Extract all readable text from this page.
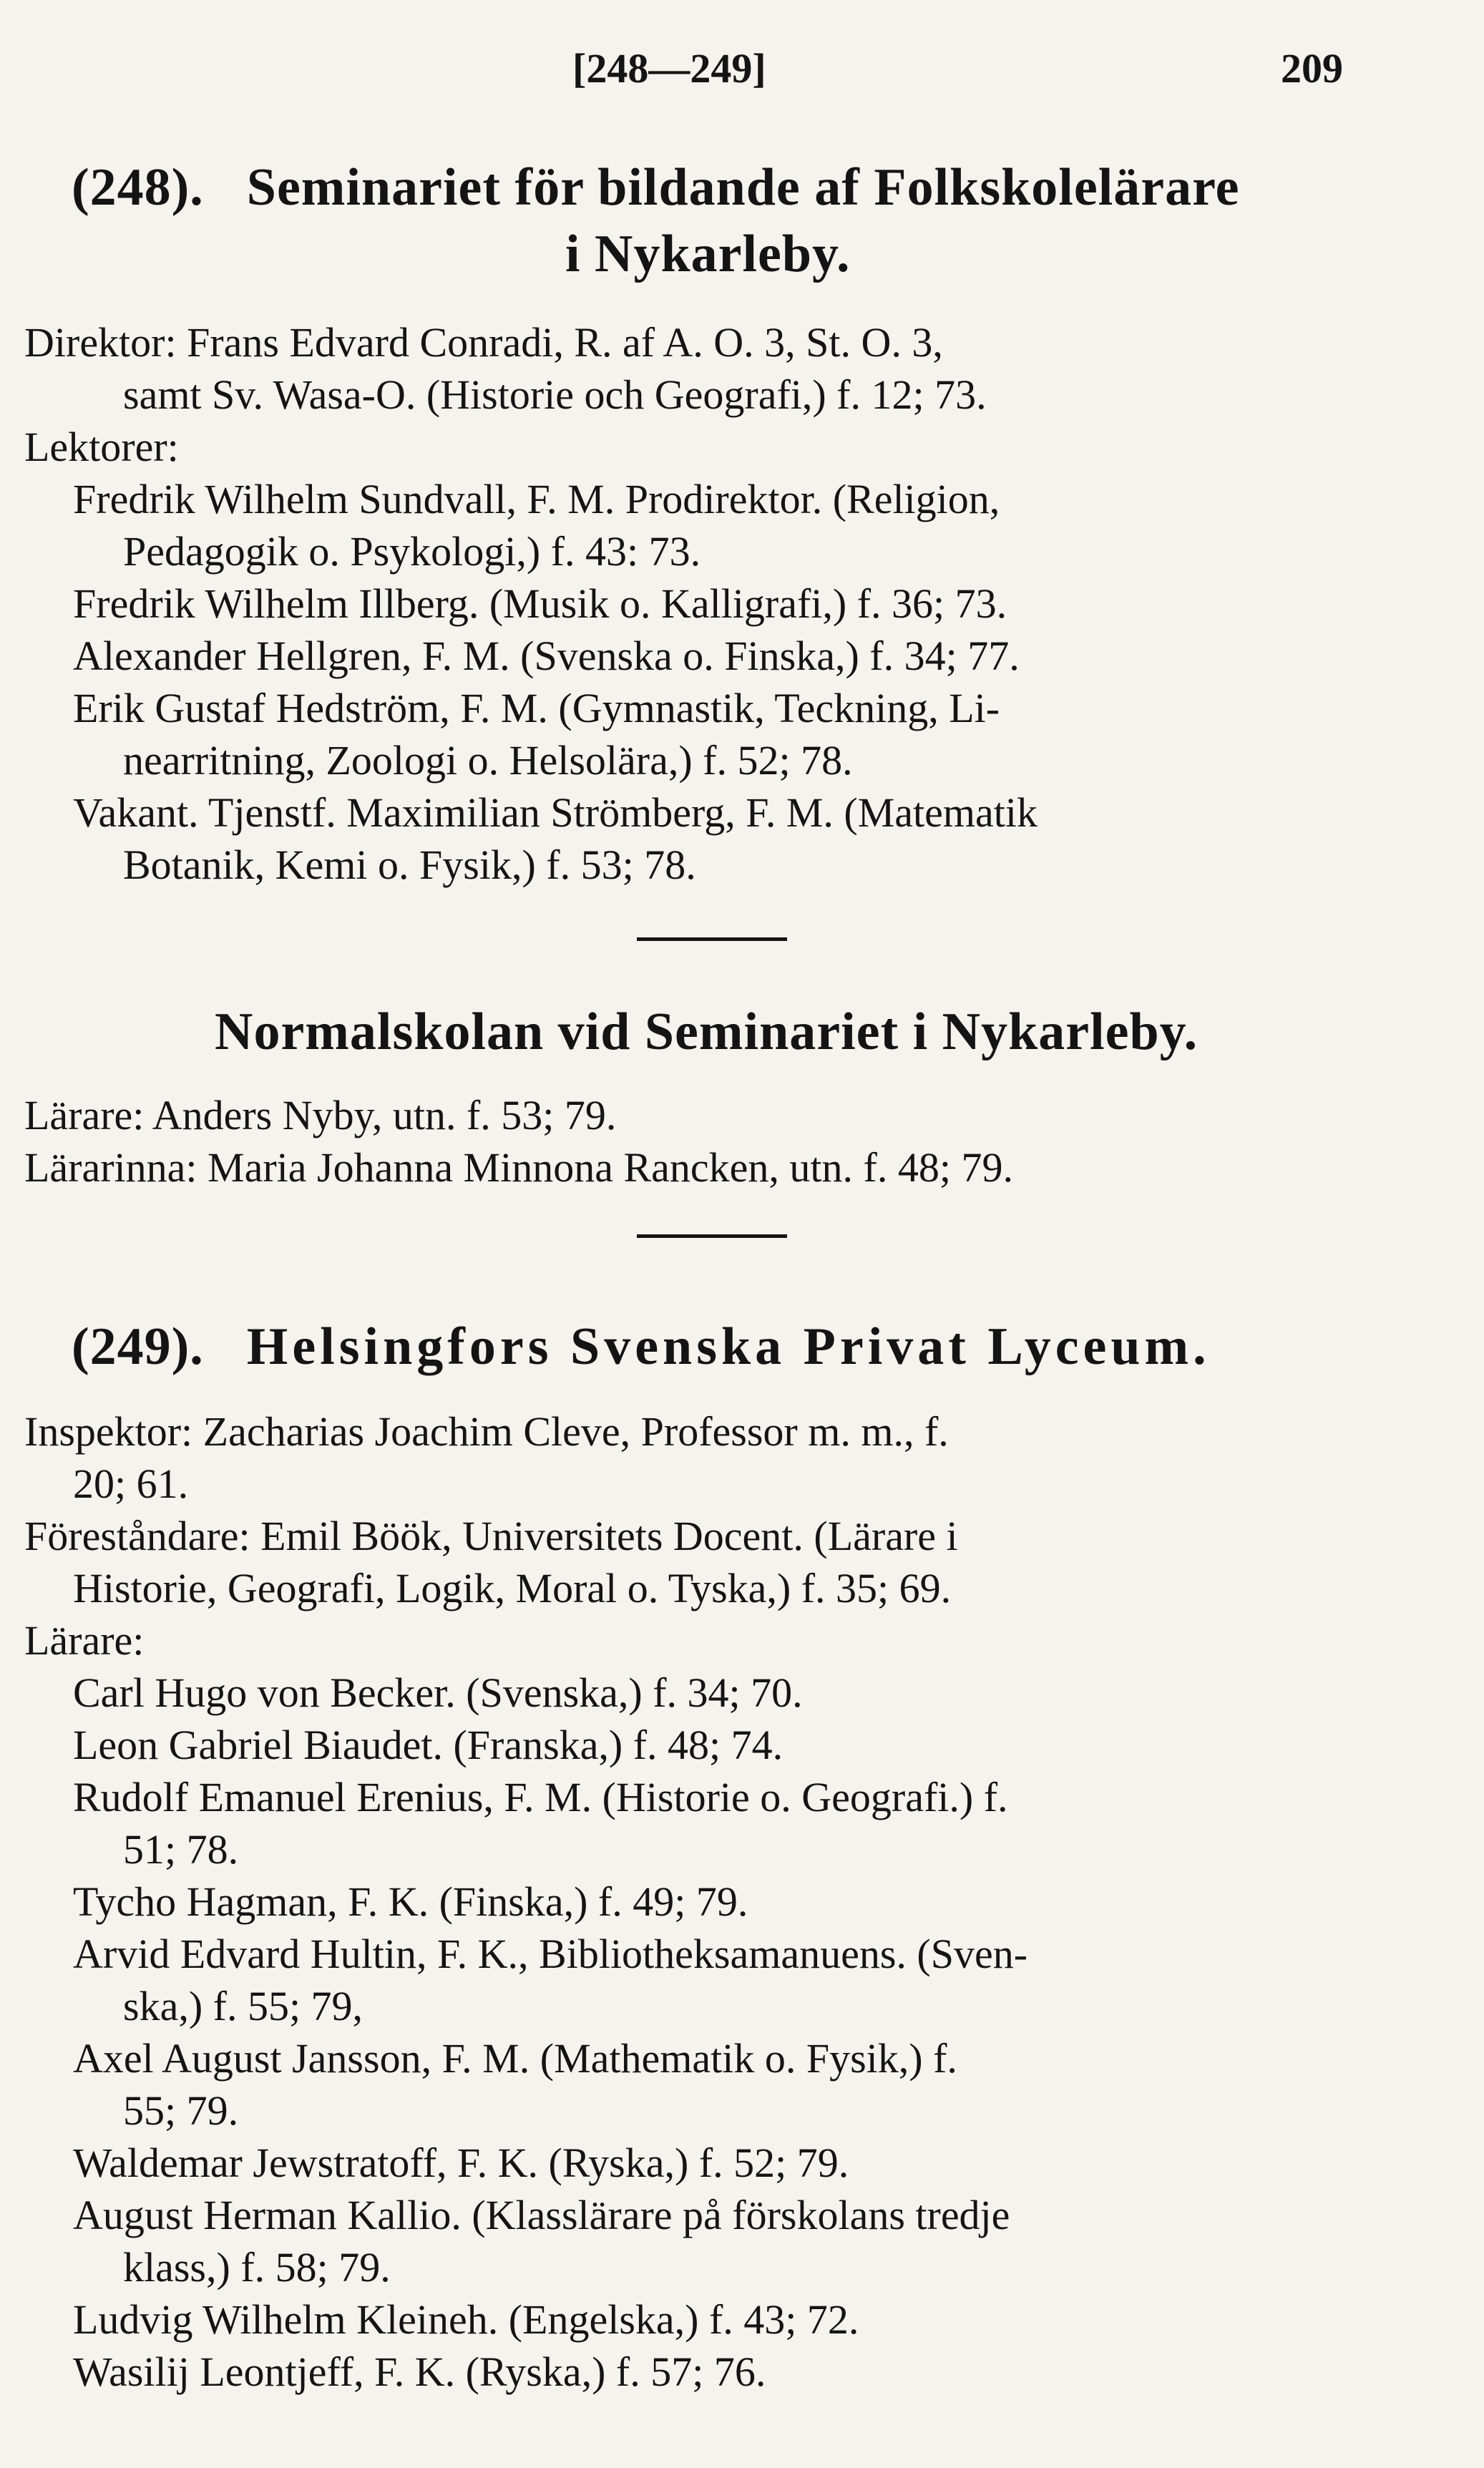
[248—249]	209
(248). Seminariet för bildande af Folkskolelärare
i Nykarleby.
Direktor: Frans Edvard Conradi, R. af A. O. 3, St. O. 3,
samt Sv. Wasa-O. (Historie och Geografi,) f. 12; 73.
Lektorer:
Fredrik Wilhelm Sundvall, F. M. Prodirektor. (Religion,
Pedagogik o. Psykologi,) f. 43: 73.
Fredrik Wilhelm Illberg. (Musik o. Kalligrafi,) f. 36; 73.
Alexander Hellgren, F. M. (Svenska o. Finska,) f. 34; 77.
Erik Gustaf Hedström, F. M. (Gymnastik, Teckning, Li-
nearritning, Zoologi o. Helsolära,) f. 52; 78.
Vakant. Tjenstf. Maximilian Strömberg, F. M. (Matematik
Botanik, Kemi o. Fysik,) f. 53; 78.
Normalskolan vid Seminariet i Nykarleby.
Lärare: Anders Nyby, utn. f. 53; 79.
Lärarinna: Maria Johanna Minnona Rancken, utn. f. 48; 79.
(249). Helsingfors Svenska Privat Lyceum.
Inspektor: Zacharias Joachim Cleve, Professor m. m., f.
20; 61.
Föreståndare: Emil Böök, Universitets Docent. (Lärare i
Historie, Geografi, Logik, Moral o. Tyska,) f. 35; 69.
Lärare:
Carl Hugo von Becker. (Svenska,) f. 34; 70.
Leon Gabriel Biaudet. (Franska,) f. 48; 74.
Rudolf Emanuel Erenius, F. M. (Historie o. Geografi.) f.
51; 78.
Tycho Hagman, F. K. (Finska,) f. 49; 79.
Arvid Edvard Hultin, F. K., Bibliotheksamanuens. (Sven-
ska,) f. 55; 79,
Axel August Jansson, F. M. (Mathematik o. Fysik,) f.
55; 79.
Waldemar Jewstratoff, F. K. (Ryska,) f. 52; 79.
August Herman Kallio. (Klasslärare på förskolans tredje
klass,) f. 58; 79.
Ludvig Wilhelm Kleineh. (Engelska,) f. 43; 72.
Wasilij Leontjeff, F. K. (Ryska,) f. 57; 76.
